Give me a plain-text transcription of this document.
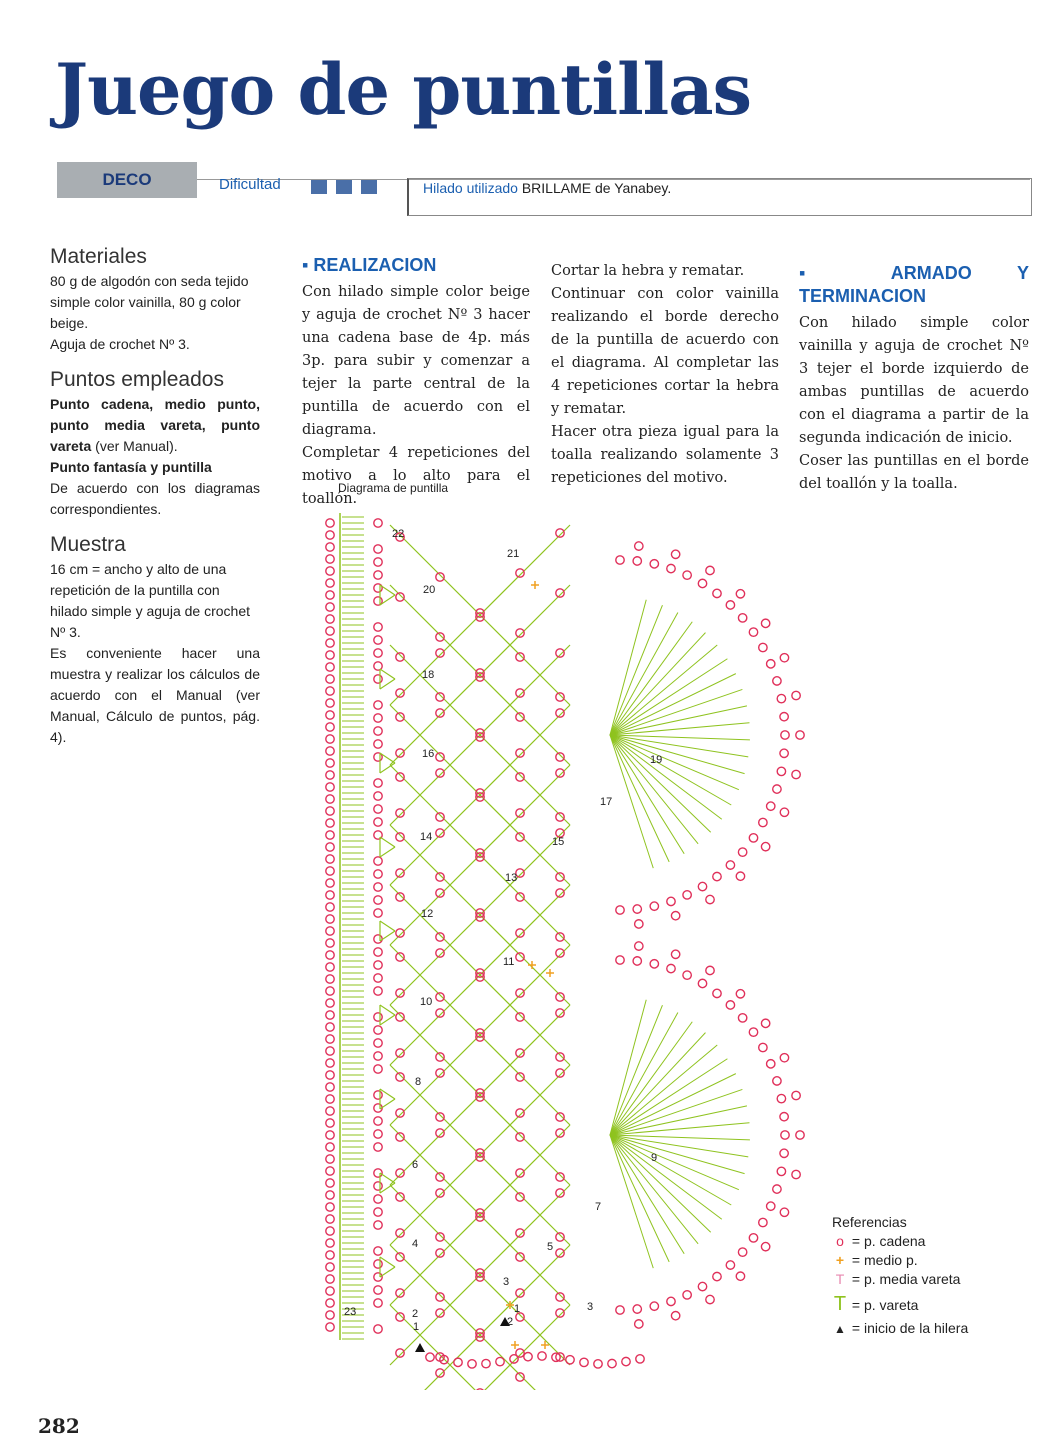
Juego de puntillas
DECO	Dificultad	Hilado utilizado BRILLAME de Yanabey.
Materiales

80 g de algodón con seda tejido simple color vainilla, 80 g color beige.

Aguja de crochet Nº 3.

Puntos empleados

Punto cadena, medio punto, punto media vareta, punto vareta (ver Manual).

Punto fantasía y puntilla

De acuerdo con los diagramas correspondientes.

Muestra

16 cm = ancho y alto de una repetición de la puntilla con hilado simple y aguja de crochet Nº 3.

Es conveniente hacer una muestra y realizar los cálculos de acuerdo con el Manual (ver Manual, Cálculo de puntos, pág. 4).

▪ REALIZACION

Con hilado simple color beige y aguja de crochet Nº 3 hacer una cadena base de 4p. más 3p. para subir y comenzar a tejer la parte central de la puntilla de acuerdo con el diagrama.

Completar 4 repeticiones del motivo a lo alto para el toallón.

Cortar la hebra y rematar.

Continuar con color vainilla realizando el borde derecho de la puntilla de acuerdo con el diagrama. Al completar las 4 repeticiones cortar la hebra y rematar.

Hacer otra pieza igual para la toalla realizando solamente 3 repeticiones del motivo.

▪ ARMADO Y TERMINACION

Con hilado simple color vainilla y aguja de crochet Nº 3 tejer el borde izquierdo de ambas puntillas de acuerdo con el diagrama a partir de la segunda indicación de inicio.

Coser las puntillas en el borde del toallón y la toalla.

Diagrama de puntilla
1
2
3
4	5
6
7
8
9
10
11
12
13
14	15
16
17
18
19
20
21
22
23	1
2
3
Referencias
o = p. cadena
+ = medio p.
T = p. media vareta
T = p. vareta
▲ = inicio de la hilera
282
